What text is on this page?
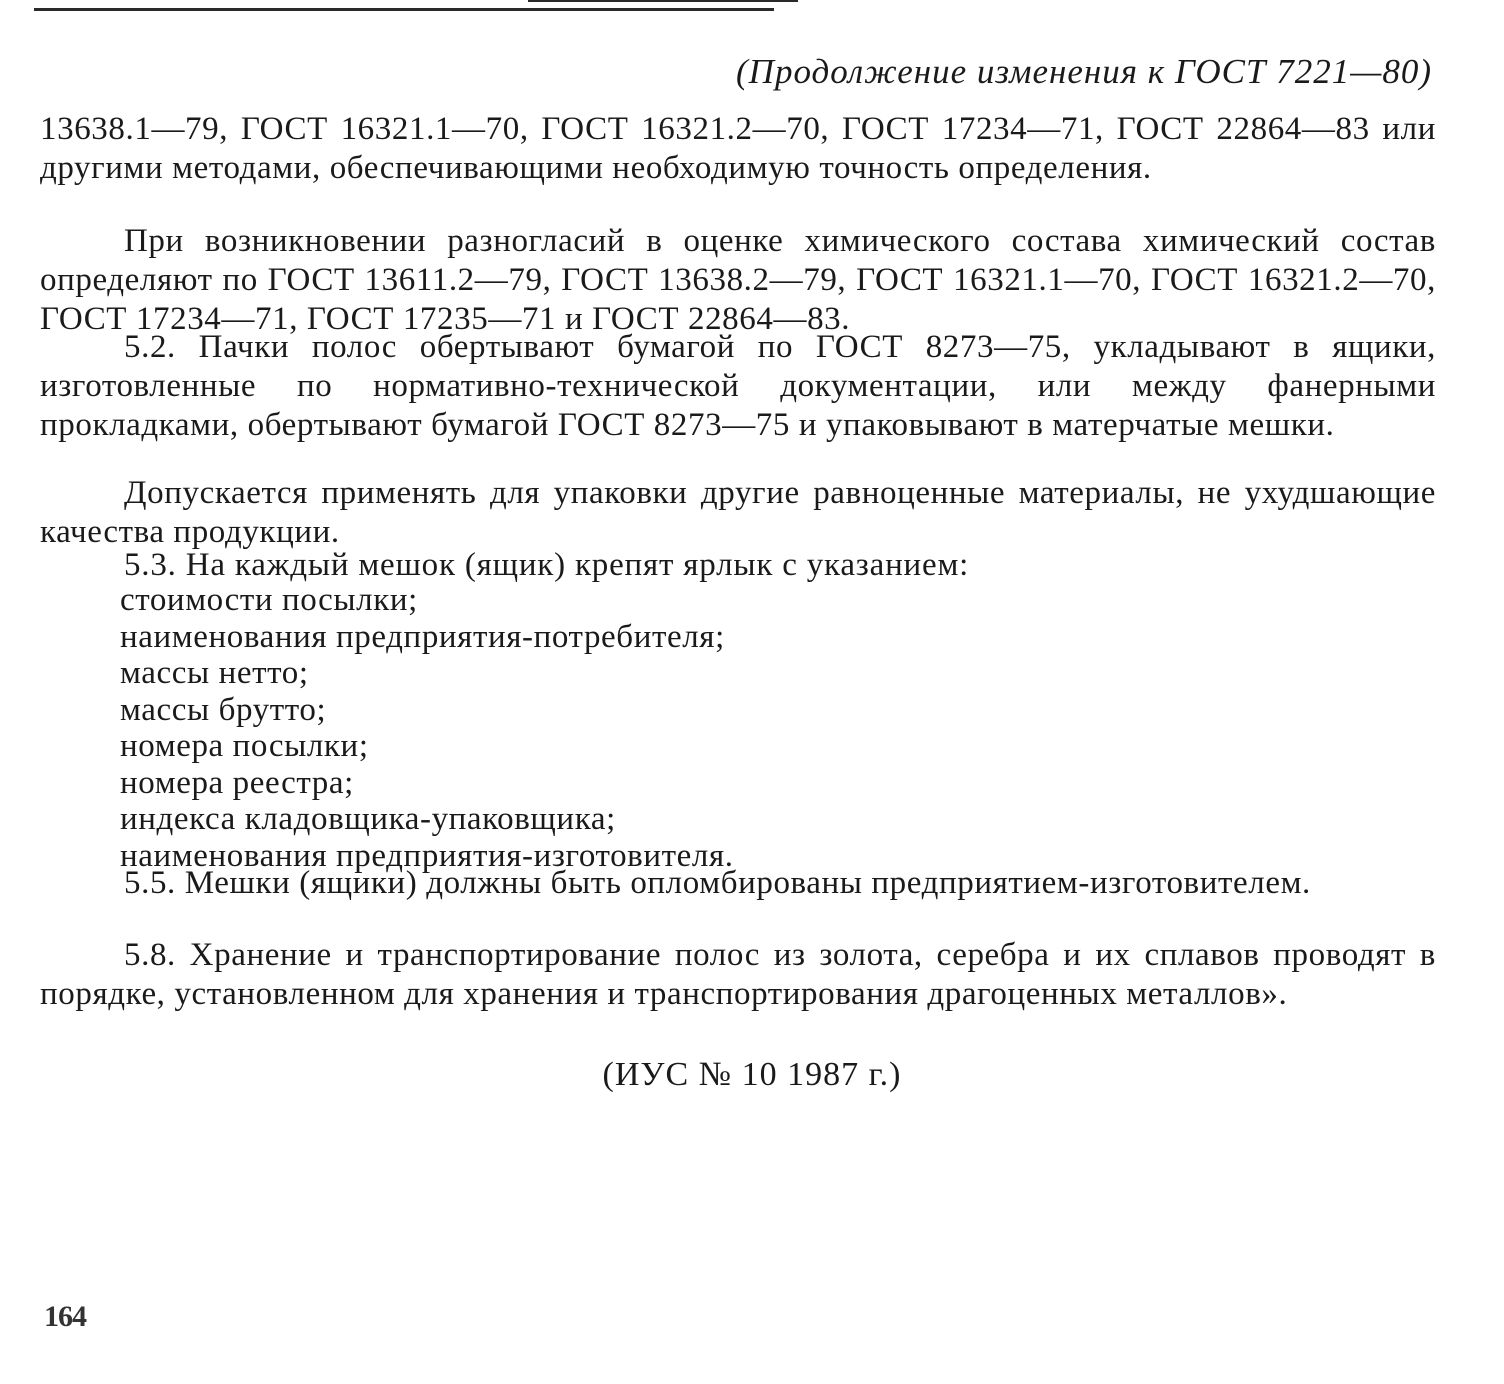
(Продолжение изменения к ГОСТ 7221—80)
13638.1—79, ГОСТ 16321.1—70, ГОСТ 16321.2—70, ГОСТ 17234—71, ГОСТ 22864—83 или другими методами, обеспечивающими необходимую точность определения.
При возникновении разногласий в оценке химического состава химический состав определяют по ГОСТ 13611.2—79, ГОСТ 13638.2—79, ГОСТ 16321.1—70, ГОСТ 16321.2—70, ГОСТ 17234—71, ГОСТ 17235—71 и ГОСТ 22864—83.
5.2. Пачки полос обертывают бумагой по ГОСТ 8273—75, укладывают в ящики, изготовленные по нормативно-технической документации, или между фанерными прокладками, обертывают бумагой ГОСТ 8273—75 и упаковывают в матерчатые мешки.
Допускается применять для упаковки другие равноценные материалы, не ухудшающие качества продукции.
5.3. На каждый мешок (ящик) крепят ярлык с указанием:
стоимости посылки;
наименования предприятия-потребителя;
массы нетто;
массы брутто;
номера посылки;
номера реестра;
индекса кладовщика-упаковщика;
наименования предприятия-изготовителя.
5.5. Мешки (ящики) должны быть опломбированы предприятием-изготовителем.
5.8. Хранение и транспортирование полос из золота, серебра и их сплавов проводят в порядке, установленном для хранения и транспортирования драгоценных металлов».
(ИУС № 10 1987 г.)
164
